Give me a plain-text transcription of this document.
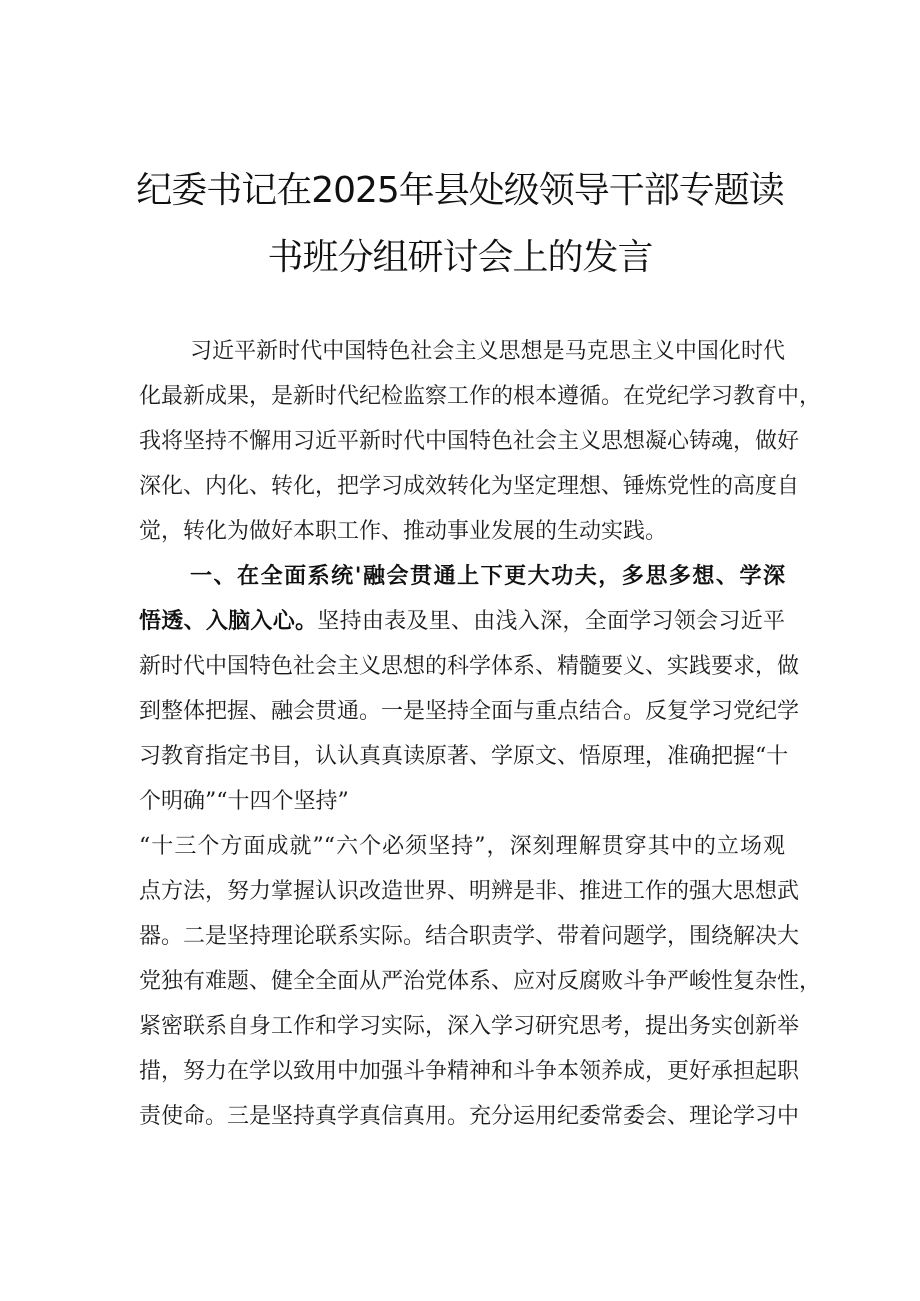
纪委书记在2025年县处级领导干部专题读
书班分组研讨会上的发言
习近平新时代中国特色社会主义思想是马克思主义中国化时代
化最新成果，是新时代纪检监察工作的根本遵循。在党纪学习教育中，
我将坚持不懈用习近平新时代中国特色社会主义思想凝心铸魂，做好
深化、内化、转化，把学习成效转化为坚定理想、锤炼党性的高度自
觉，转化为做好本职工作、推动事业发展的生动实践。
一、在全面系统'融会贯通上下更大功夫，多思多想、学深
悟透、入脑入心。坚持由表及里、由浅入深，全面学习领会习近平
新时代中国特色社会主义思想的科学体系、精髓要义、实践要求，做
到整体把握、融会贯通。一是坚持全面与重点结合。反复学习党纪学
习教育指定书目，认认真真读原著、学原文、悟原理，准确把握“十
个明确”“十四个坚持”
“十三个方面成就”“六个必须坚持”，深刻理解贯穿其中的立场观
点方法，努力掌握认识改造世界、明辨是非、推进工作的强大思想武
器。二是坚持理论联系实际。结合职责学、带着问题学，围绕解决大
党独有难题、健全全面从严治党体系、应对反腐败斗争严峻性复杂性，
紧密联系自身工作和学习实际，深入学习研究思考，提出务实创新举
措，努力在学以致用中加强斗争精神和斗争本领养成，更好承担起职
责使命。三是坚持真学真信真用。充分运用纪委常委会、理论学习中
